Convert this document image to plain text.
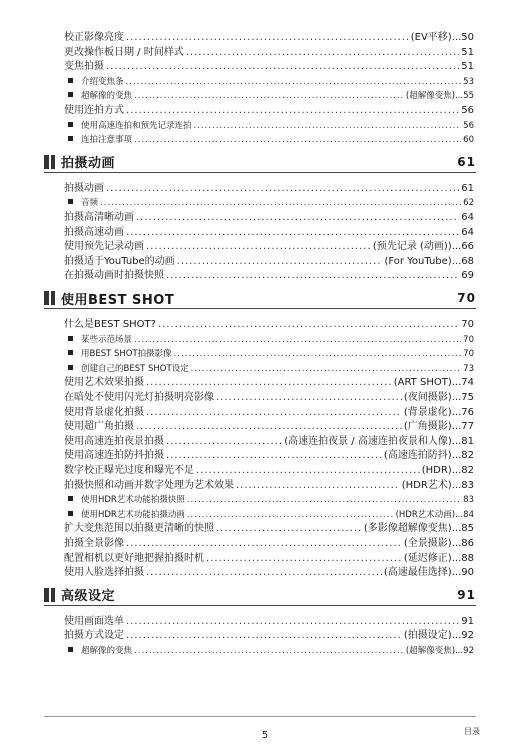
校正影像亮度 .....	(EV平移) ... 50
更改操作板日期 / 时间样式 .....	51
变焦拍摄 .....	51
介绍变焦条 .....	53
超解像的变焦 .....	(超解像变焦) ... 55
使用连拍方式 .....	56
使用高速连拍和预先记录连拍 .....	56
连拍注意事项 .....	60
拍摄动画	61
拍摄动画 .....	61
音频 .....	62
拍摄高清晰动画 .....	64
拍摄高速动画 .....	64
使用预先记录动画 .....	(预先记录 (动画)) ... 66
拍摄适于YouTube的动画 .....	(For YouTube) ... 68
在拍摄动画时拍摄快照 .....	69
使用BEST SHOT	70
什么是BEST SHOT? .....	70
某些示范场景 .....	70
用BEST SHOT拍摄影像 .....	70
创建自己的BEST SHOT设定 .....	73
使用艺术效果拍摄 .....	(ART SHOT) ... 74
在暗处不使用闪光灯拍摄明亮影像 .....	(夜间摄影) ... 75
使用背景虚化拍摄 .....	(背景虚化) ... 76
使用超广角拍摄 .....	(广角摄影) ... 77
使用高速连拍夜景拍摄 .....	(高速连拍夜景 / 高速连拍夜景和人像) ... 81
使用高速连拍防抖拍摄 .....	(高速连拍防抖) ... 82
数字校正曝光过度和曝光不足 .....	(HDR) ... 82
拍摄快照和动画并数字处理为艺术效果 .....	(HDR艺术) ... 83
使用HDR艺术功能拍摄快照 .....	83
使用HDR艺术功能拍摄动画 .....	(HDR艺术动画) ... 84
扩大变焦范围以拍摄更清晰的快照 .....	(多影像超解像变焦) ... 85
拍摄全景影像 .....	(全景摄影) ... 86
配置相机以更好地把握拍摄时机 .....	(延迟修正) ... 88
使用人脸选择拍摄 .....	(高速最佳选择) ... 90
高级设定	91
使用画面选单 .....	91
拍摄方式设定 .....	(拍摄设定) ... 92
超解像的变焦 .....	(超解像变焦) ... 92
5	目录
